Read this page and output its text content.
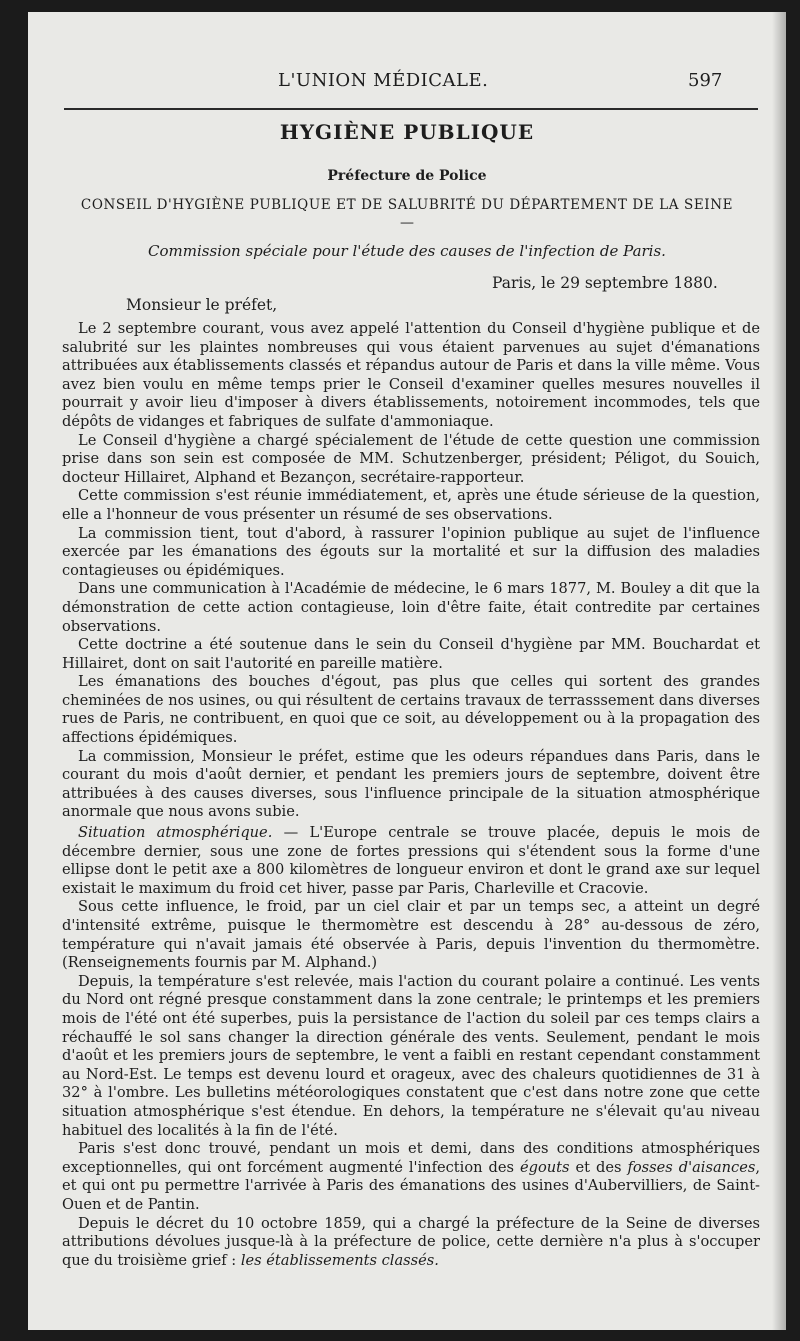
L'UNION MÉDICALE.	597
HYGIÈNE PUBLIQUE
Préfecture de Police
CONSEIL D'HYGIÈNE PUBLIQUE ET DE SALUBRITÉ DU DÉPARTEMENT DE LA SEINE
—
Commission spéciale pour l'étude des causes de l'infection de Paris.
Paris, le 29 septembre 1880.
Monsieur le préfet,

Le 2 septembre courant, vous avez appelé l'attention du Conseil d'hygiène publique et de salubrité sur les plaintes nombreuses qui vous étaient parvenues au sujet d'émanations attribuées aux établissements classés et répandus autour de Paris et dans la ville même. Vous avez bien voulu en même temps prier le Conseil d'examiner quelles mesures nouvelles il pourrait y avoir lieu d'imposer à divers établissements, notoirement incommodes, tels que dépôts de vidanges et fabriques de sulfate d'ammoniaque.

Le Conseil d'hygiène a chargé spécialement de l'étude de cette question une commission prise dans son sein est composée de MM. Schutzenberger, président; Péligot, du Souich, docteur Hillairet, Alphand et Bezançon, secrétaire-rapporteur.

Cette commission s'est réunie immédiatement, et, après une étude sérieuse de la question, elle a l'honneur de vous présenter un résumé de ses observations.

La commission tient, tout d'abord, à rassurer l'opinion publique au sujet de l'influence exercée par les émanations des égouts sur la mortalité et sur la diffusion des maladies contagieuses ou épidémiques.

Dans une communication à l'Académie de médecine, le 6 mars 1877, M. Bouley a dit que la démonstration de cette action contagieuse, loin d'être faite, était contredite par certaines observations.

Cette doctrine a été soutenue dans le sein du Conseil d'hygiène par MM. Bouchardat et Hillairet, dont on sait l'autorité en pareille matière.

Les émanations des bouches d'égout, pas plus que celles qui sortent des grandes cheminées de nos usines, ou qui résultent de certains travaux de terrasssement dans diverses rues de Paris, ne contribuent, en quoi que ce soit, au développement ou à la propagation des affections épidémiques.

La commission, Monsieur le préfet, estime que les odeurs répandues dans Paris, dans le courant du mois d'août dernier, et pendant les premiers jours de septembre, doivent être attribuées à des causes diverses, sous l'influence principale de la situation atmosphérique anormale que nous avons subie.

Situation atmosphérique. — L'Europe centrale se trouve placée, depuis le mois de décembre dernier, sous une zone de fortes pressions qui s'étendent sous la forme d'une ellipse dont le petit axe a 800 kilomètres de longueur environ et dont le grand axe sur lequel existait le maximum du froid cet hiver, passe par Paris, Charleville et Cracovie.

Sous cette influence, le froid, par un ciel clair et par un temps sec, a atteint un degré d'intensité extrême, puisque le thermomètre est descendu à 28° au-dessous de zéro, température qui n'avait jamais été observée à Paris, depuis l'invention du thermomètre. (Renseignements fournis par M. Alphand.)

Depuis, la température s'est relevée, mais l'action du courant polaire a continué. Les vents du Nord ont régné presque constamment dans la zone centrale; le printemps et les premiers mois de l'été ont été superbes, puis la persistance de l'action du soleil par ces temps clairs a réchauffé le sol sans changer la direction générale des vents. Seulement, pendant le mois d'août et les premiers jours de septembre, le vent a faibli en restant cependant constamment au Nord-Est. Le temps est devenu lourd et orageux, avec des chaleurs quotidiennes de 31 à 32° à l'ombre. Les bulletins météorologiques constatent que c'est dans notre zone que cette situation atmosphérique s'est étendue. En dehors, la température ne s'élevait qu'au niveau habituel des localités à la fin de l'été.

Paris s'est donc trouvé, pendant un mois et demi, dans des conditions atmosphériques exceptionnelles, qui ont forcément augmenté l'infection des égouts et des fosses d'aisances, et qui ont pu permettre l'arrivée à Paris des émanations des usines d'Aubervilliers, de Saint-Ouen et de Pantin.

Depuis le décret du 10 octobre 1859, qui a chargé la préfecture de la Seine de diverses attributions dévolues jusque-là à la préfecture de police, cette dernière n'a plus à s'occuper que du troisième grief : les établissements classés.
